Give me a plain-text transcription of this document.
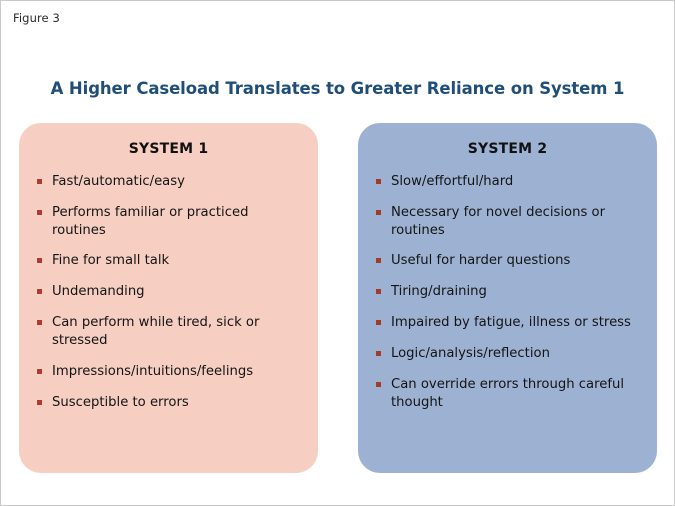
Figure 3
A Higher Caseload Translates to Greater Reliance on System 1
SYSTEM 1
Fast/automatic/easy
Performs familiar or practiced routines
Fine for small talk
Undemanding
Can perform while tired, sick or stressed
Impressions/intuitions/feelings
Susceptible to errors
SYSTEM 2
Slow/effortful/hard
Necessary for novel decisions or routines
Useful for harder questions
Tiring/draining
Impaired by fatigue, illness or stress
Logic/analysis/reflection
Can override errors through careful thought
